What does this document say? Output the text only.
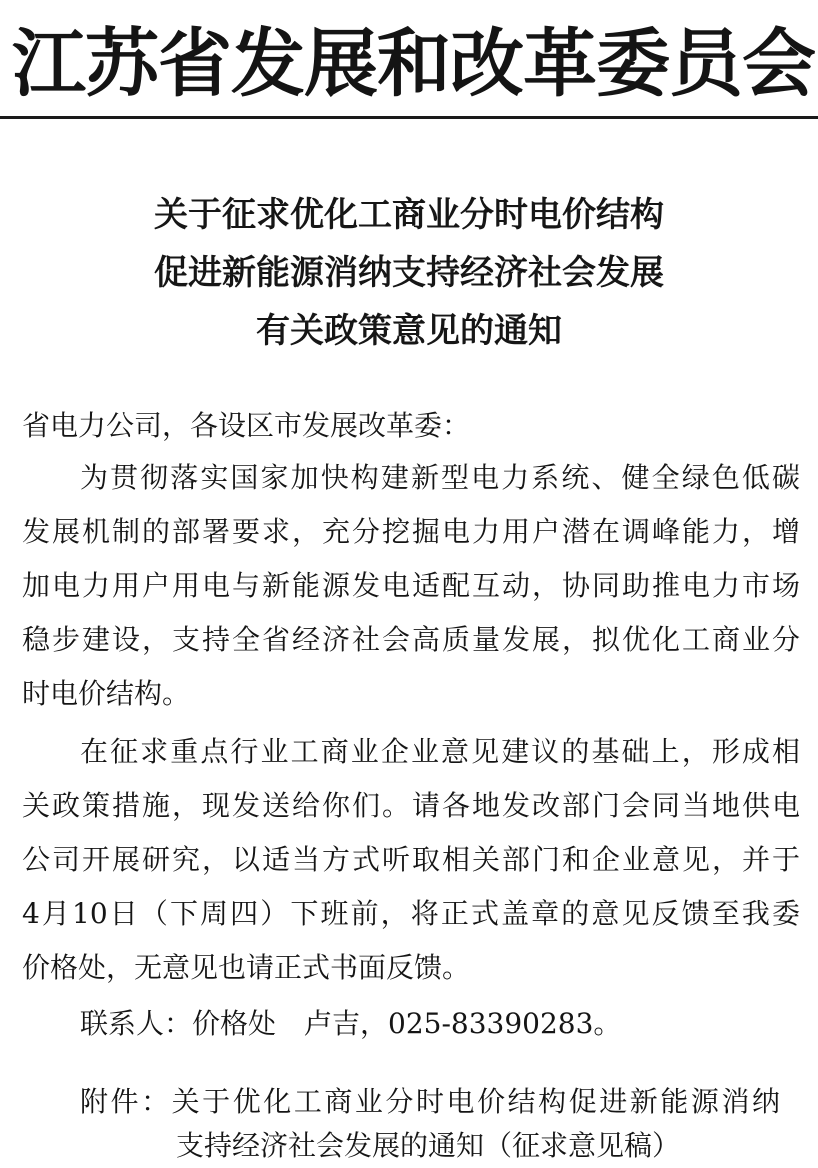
江苏省发展和改革委员会
关于征求优化工商业分时电价结构
促进新能源消纳支持经济社会发展
有关政策意见的通知
省电力公司，各设区市发展改革委：
为贯彻落实国家加快构建新型电力系统、健全绿色低碳
发展机制的部署要求，充分挖掘电力用户潜在调峰能力，增
加电力用户用电与新能源发电适配互动，协同助推电力市场
稳步建设，支持全省经济社会高质量发展，拟优化工商业分
时电价结构。
在征求重点行业工商业企业意见建议的基础上，形成相
关政策措施，现发送给你们。请各地发改部门会同当地供电
公司开展研究，以适当方式听取相关部门和企业意见，并于
4月10日（下周四）下班前，将正式盖章的意见反馈至我委
价格处，无意见也请正式书面反馈。
联系人：价格处　卢吉，025-83390283。
附件：关于优化工商业分时电价结构促进新能源消纳
支持经济社会发展的通知（征求意见稿）
